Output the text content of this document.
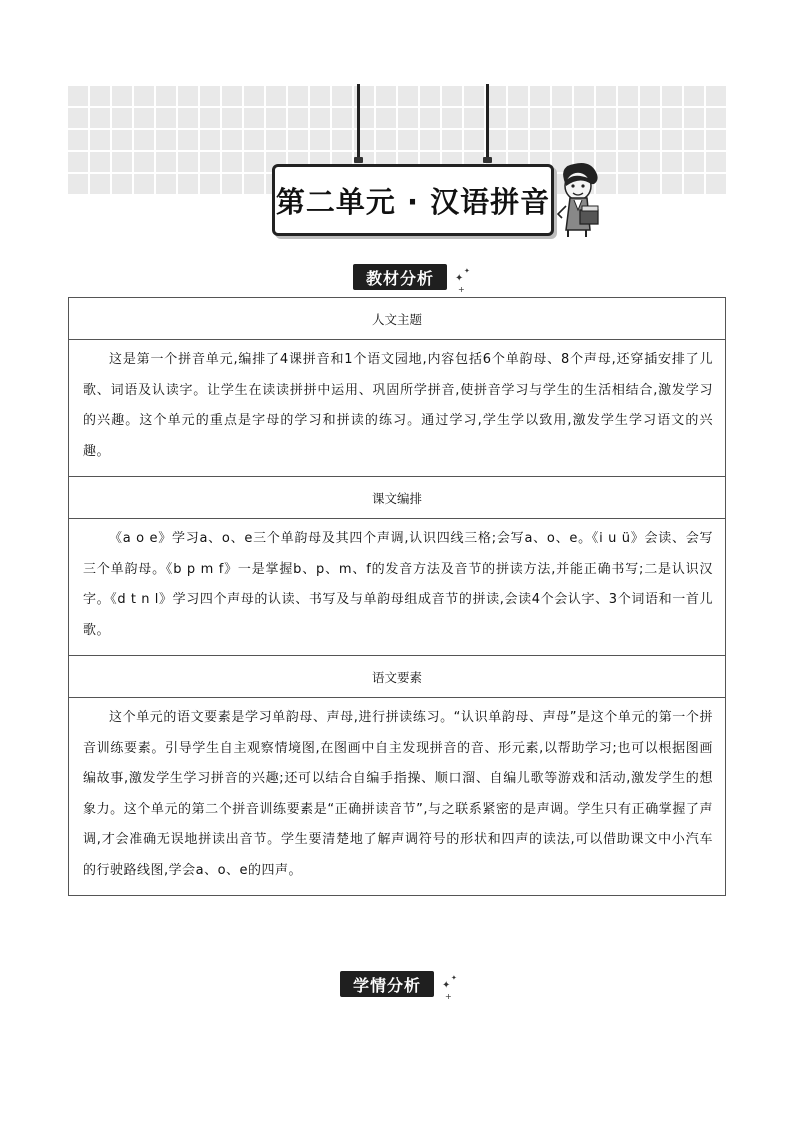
第二单元 · 汉语拼音
教材分析 ✦
✦
+
人文主题
这是第一个拼音单元,编排了4课拼音和1个语文园地,内容包括6个单韵母、8个声母,还穿插安排了儿歌、词语及认读字。让学生在读读拼拼中运用、巩固所学拼音,使拼音学习与学生的生活相结合,激发学习的兴趣。这个单元的重点是字母的学习和拼读的练习。通过学习,学生学以致用,激发学生学习语文的兴趣。
课文编排
《a o e》学习a、o、e三个单韵母及其四个声调,认识四线三格;会写a、o、e。《i u ü》会读、会写三个单韵母。《b p m f》一是掌握b、p、m、f的发音方法及音节的拼读方法,并能正确书写;二是认识汉字。《d t n l》学习四个声母的认读、书写及与单韵母组成音节的拼读,会读4个会认字、3个词语和一首儿歌。
语文要素
这个单元的语文要素是学习单韵母、声母,进行拼读练习。“认识单韵母、声母”是这个单元的第一个拼音训练要素。引导学生自主观察情境图,在图画中自主发现拼音的音、形元素,以帮助学习;也可以根据图画编故事,激发学生学习拼音的兴趣;还可以结合自编手指操、顺口溜、自编儿歌等游戏和活动,激发学生的想象力。这个单元的第二个拼音训练要素是“正确拼读音节”,与之联系紧密的是声调。学生只有正确掌握了声调,才会准确无误地拼读出音节。学生要清楚地了解声调符号的形状和四声的读法,可以借助课文中小汽车的行驶路线图,学会a、o、e的四声。
学情分析 ✦
✦
+
